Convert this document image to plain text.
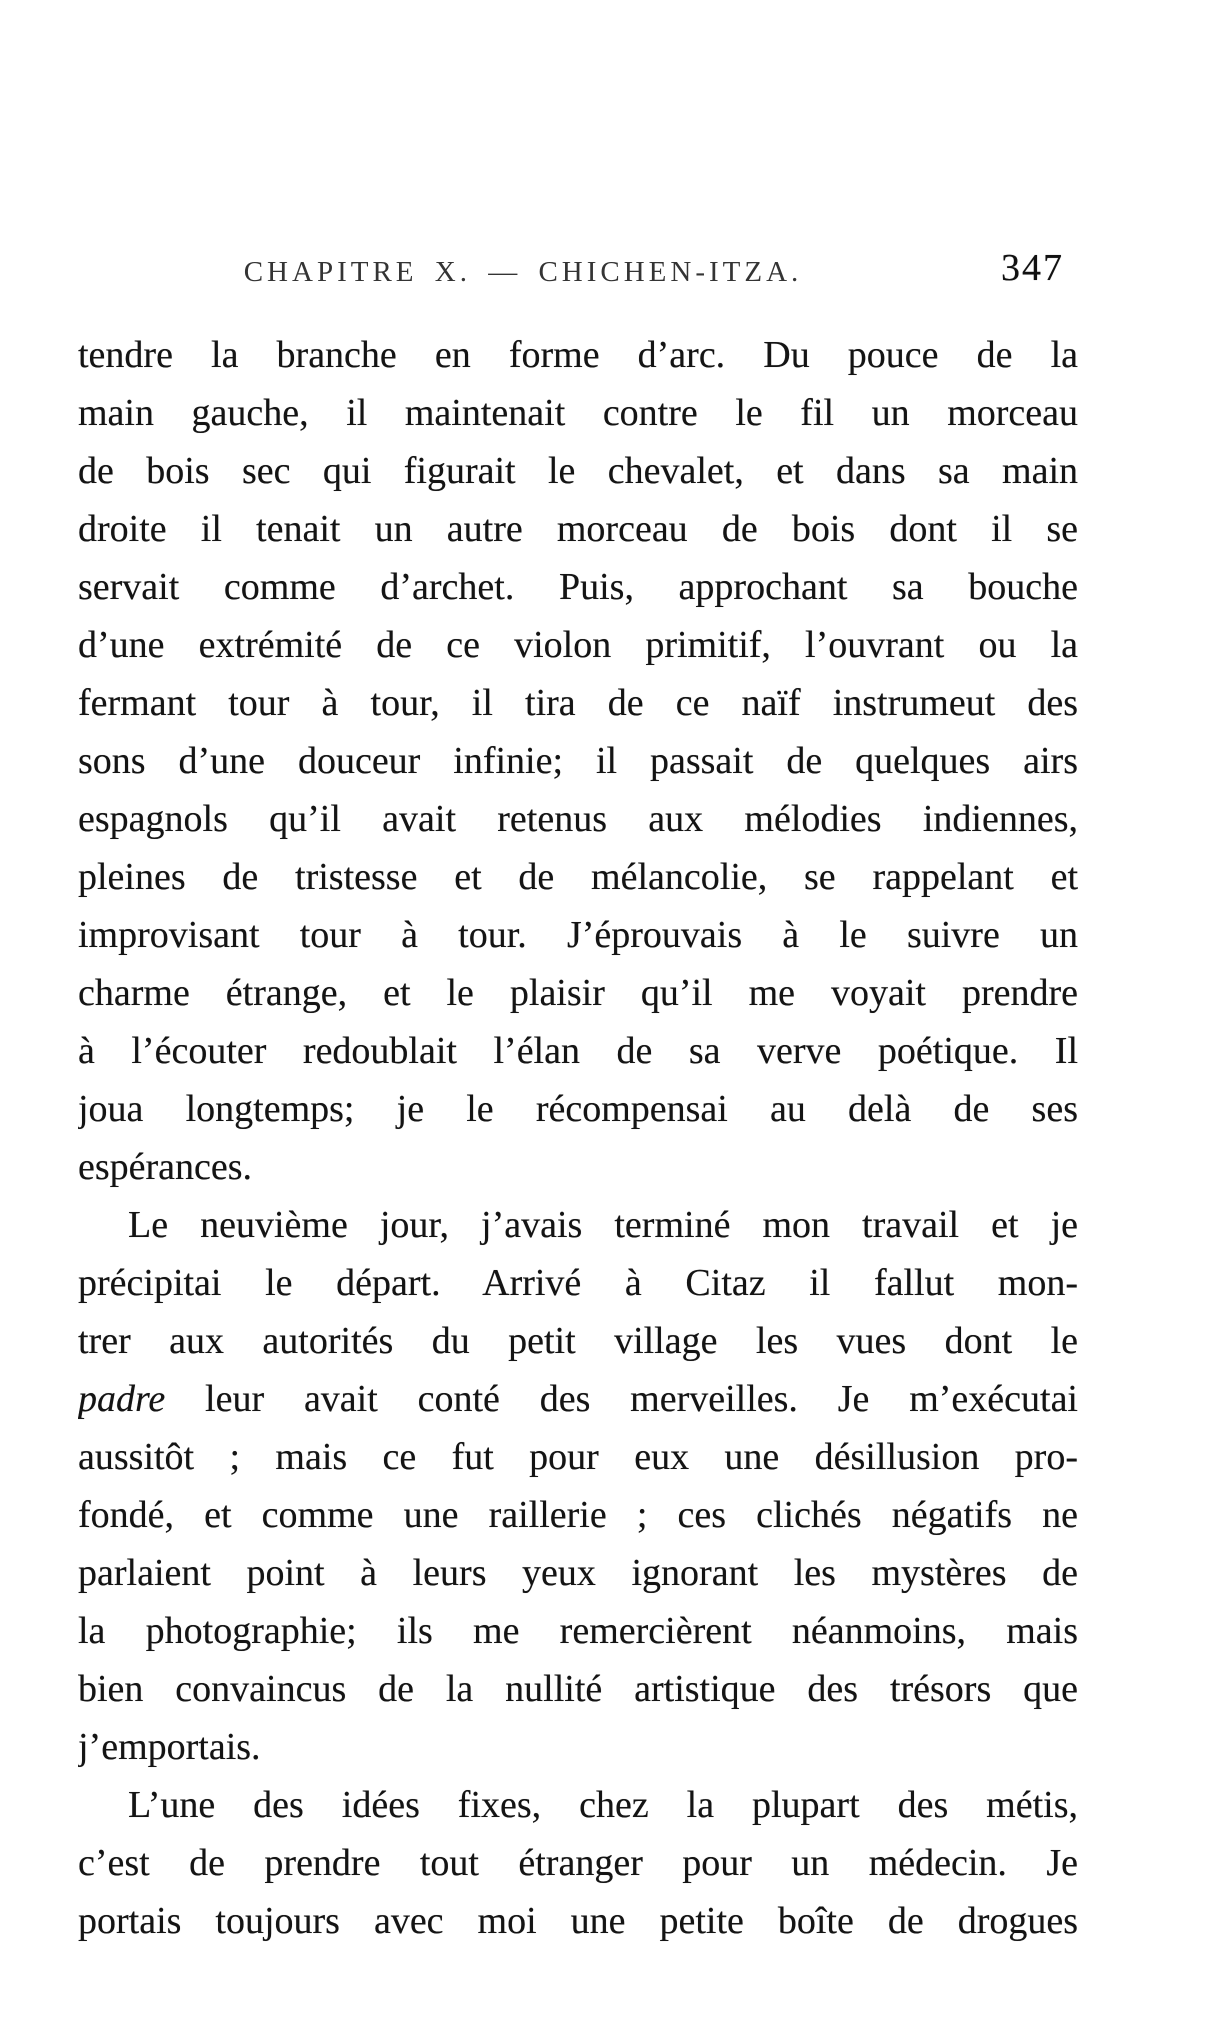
CHAPITRE X. — CHICHEN-ITZA.	347
tendre la branche en forme d’arc. Du pouce de la
main gauche, il maintenait contre le fil un morceau
de bois sec qui figurait le chevalet, et dans sa main
droite il tenait un autre morceau de bois dont il se
servait comme d’archet. Puis, approchant sa bouche
d’une extrémité de ce violon primitif, l’ouvrant ou la
fermant tour à tour, il tira de ce naïf instrumeut des
sons d’une douceur infinie; il passait de quelques airs
espagnols qu’il avait retenus aux mélodies indiennes,
pleines de tristesse et de mélancolie, se rappelant et
improvisant tour à tour. J’éprouvais à le suivre un
charme étrange, et le plaisir qu’il me voyait prendre
à l’écouter redoublait l’élan de sa verve poétique. Il
joua longtemps; je le récompensai au delà de ses
espérances.
Le neuvième jour, j’avais terminé mon travail et je
précipitai le départ. Arrivé à Citaz il fallut mon-
trer aux autorités du petit village les vues dont le
padre leur avait conté des merveilles. Je m’exécutai
aussitôt ; mais ce fut pour eux une désillusion pro-
fondé, et comme une raillerie ; ces clichés négatifs ne
parlaient point à leurs yeux ignorant les mystères de
la photographie; ils me remercièrent néanmoins, mais
bien convaincus de la nullité artistique des trésors que
j’emportais.
L’une des idées fixes, chez la plupart des métis,
c’est de prendre tout étranger pour un médecin. Je
portais toujours avec moi une petite boîte de drogues
